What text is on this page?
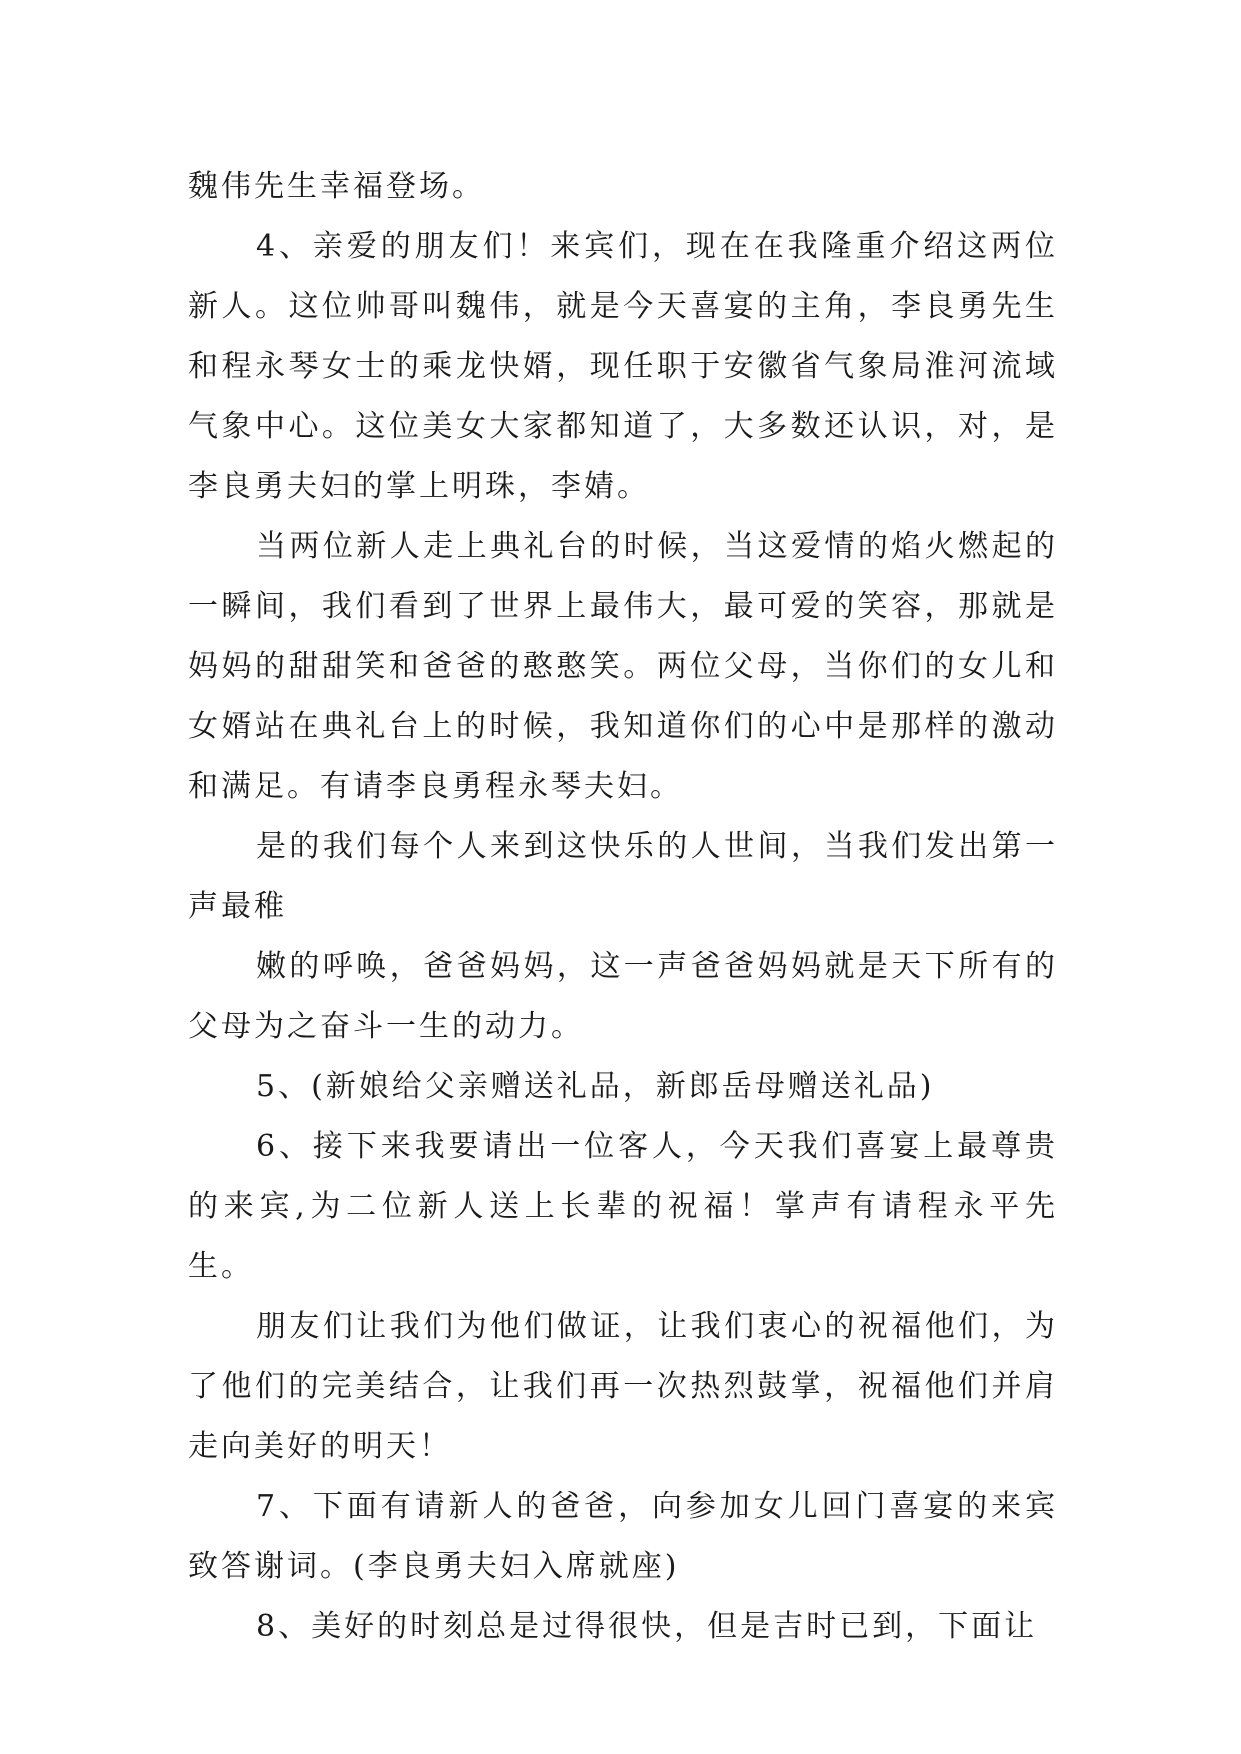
魏伟先生幸福登场。

4、亲爱的朋友们！来宾们，现在在我隆重介绍这两位新人。这位帅哥叫魏伟，就是今天喜宴的主角，李良勇先生和程永琴女士的乘龙快婿，现任职于安徽省气象局淮河流域气象中心。这位美女大家都知道了，大多数还认识，对，是李良勇夫妇的掌上明珠，李婧。

当两位新人走上典礼台的时候，当这爱情的焰火燃起的一瞬间，我们看到了世界上最伟大，最可爱的笑容，那就是妈妈的甜甜笑和爸爸的憨憨笑。两位父母，当你们的女儿和女婿站在典礼台上的时候，我知道你们的心中是那样的激动和满足。有请李良勇程永琴夫妇。

是的我们每个人来到这快乐的人世间，当我们发出第一声最稚

嫩的呼唤，爸爸妈妈，这一声爸爸妈妈就是天下所有的父母为之奋斗一生的动力。

5、(新娘给父亲赠送礼品，新郎岳母赠送礼品)

6、接下来我要请出一位客人，今天我们喜宴上最尊贵的来宾,为二位新人送上长辈的祝福！掌声有请程永平先生。

朋友们让我们为他们做证，让我们衷心的祝福他们，为了他们的完美结合，让我们再一次热烈鼓掌，祝福他们并肩走向美好的明天！

7、下面有请新人的爸爸，向参加女儿回门喜宴的来宾致答谢词。(李良勇夫妇入席就座)

8、美好的时刻总是过得很快，但是吉时已到，下面让
